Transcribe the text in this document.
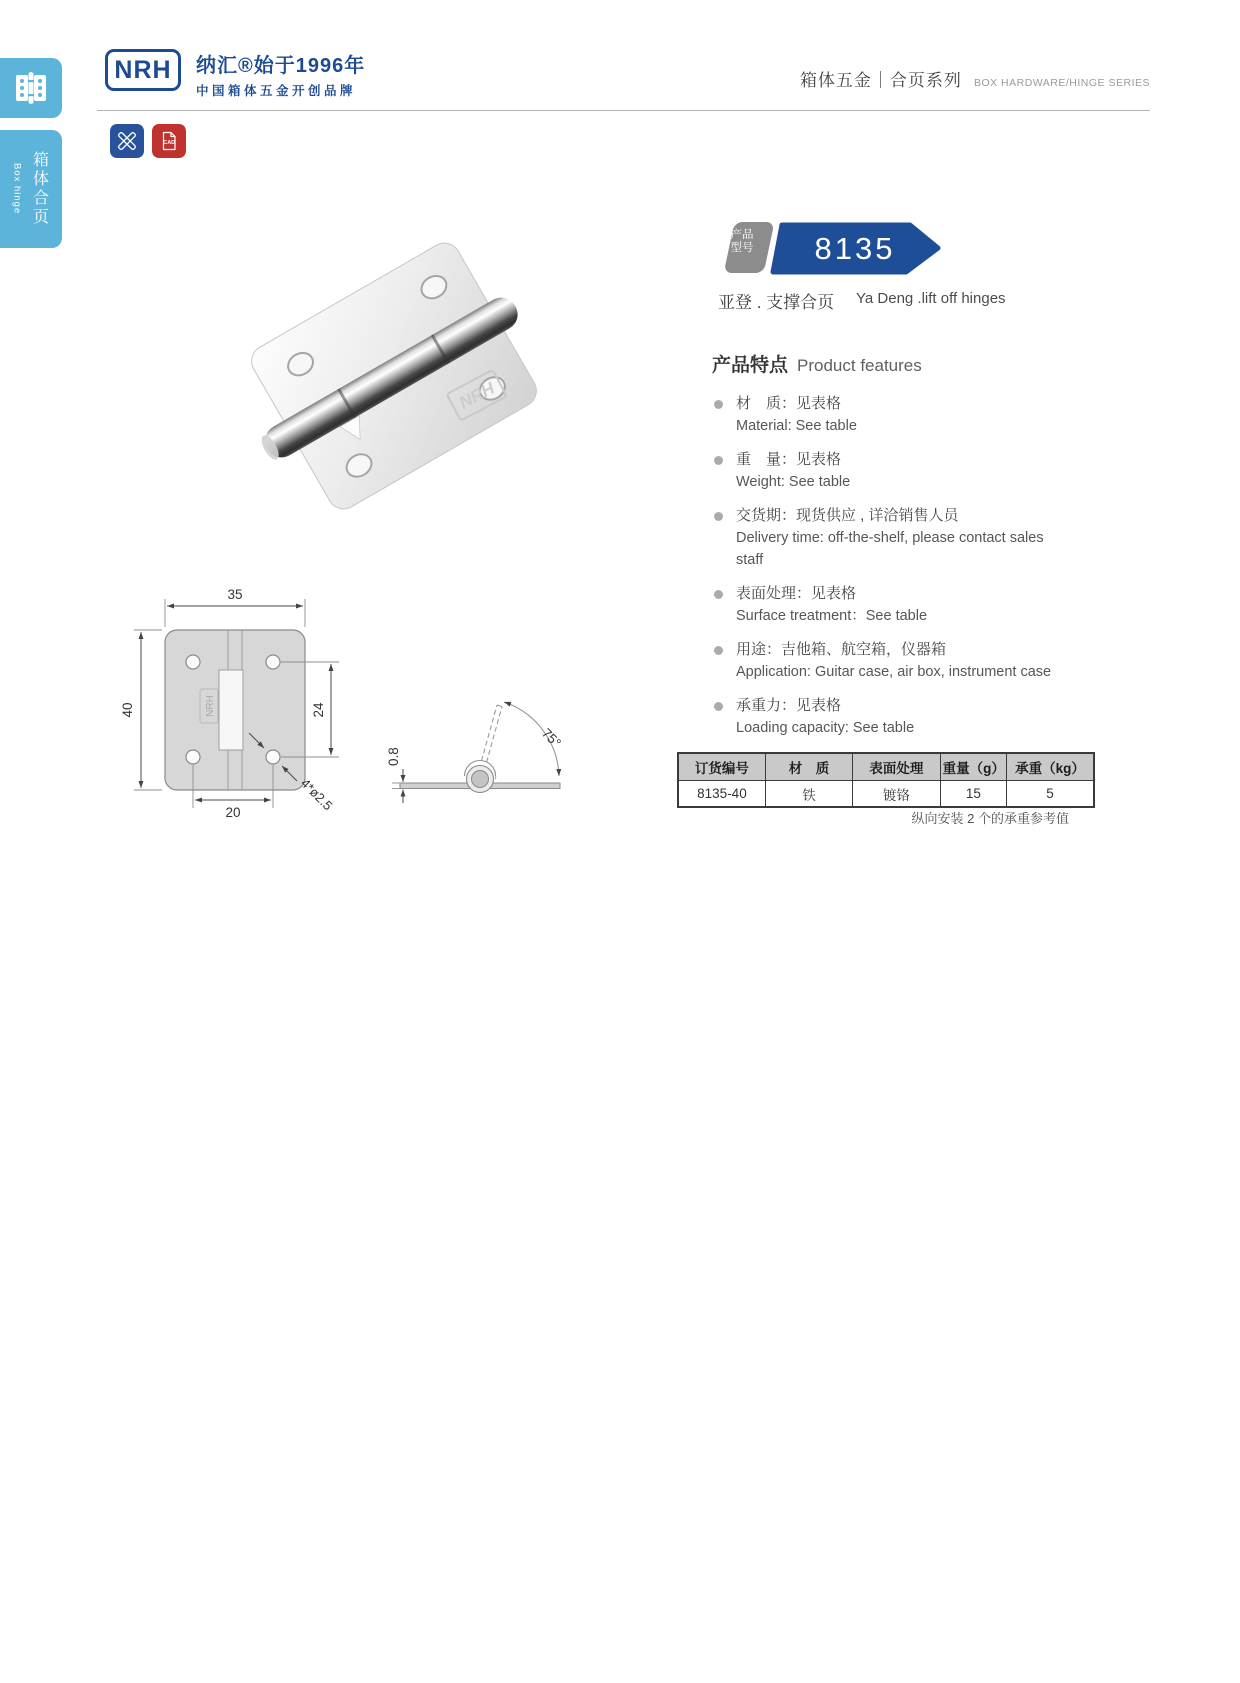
Box hinge 箱体合页
NRH 纳汇®始于1996年
中国箱体五金开创品牌
箱体五金｜合页系列 BOX HARDWARE/HINGE SERIES
CAD
NRH
8135
产品
型号
亚登 . 支撑合页 Ya Deng .lift off hinges
产品特点 Product features
材　质：见表格
Material: See table
重　量：见表格
Weight: See table
交货期：现货供应 , 详洽销售人员
Delivery time: off-the-shelf, please contact sales staff
表面处理：见表格
Surface treatment：See table
用途：吉他箱、航空箱，仪器箱
Application: Guitar case, air box, instrument case
承重力：见表格
Loading capacity: See table
订货编号	材　质	表面处理	重量（g）	承重（kg）
8135-40	铁	镀铬	15	5
纵向安装 2 个的承重参考值
NRH
35
40	24
20	4*ø2.5
75°
0.8
